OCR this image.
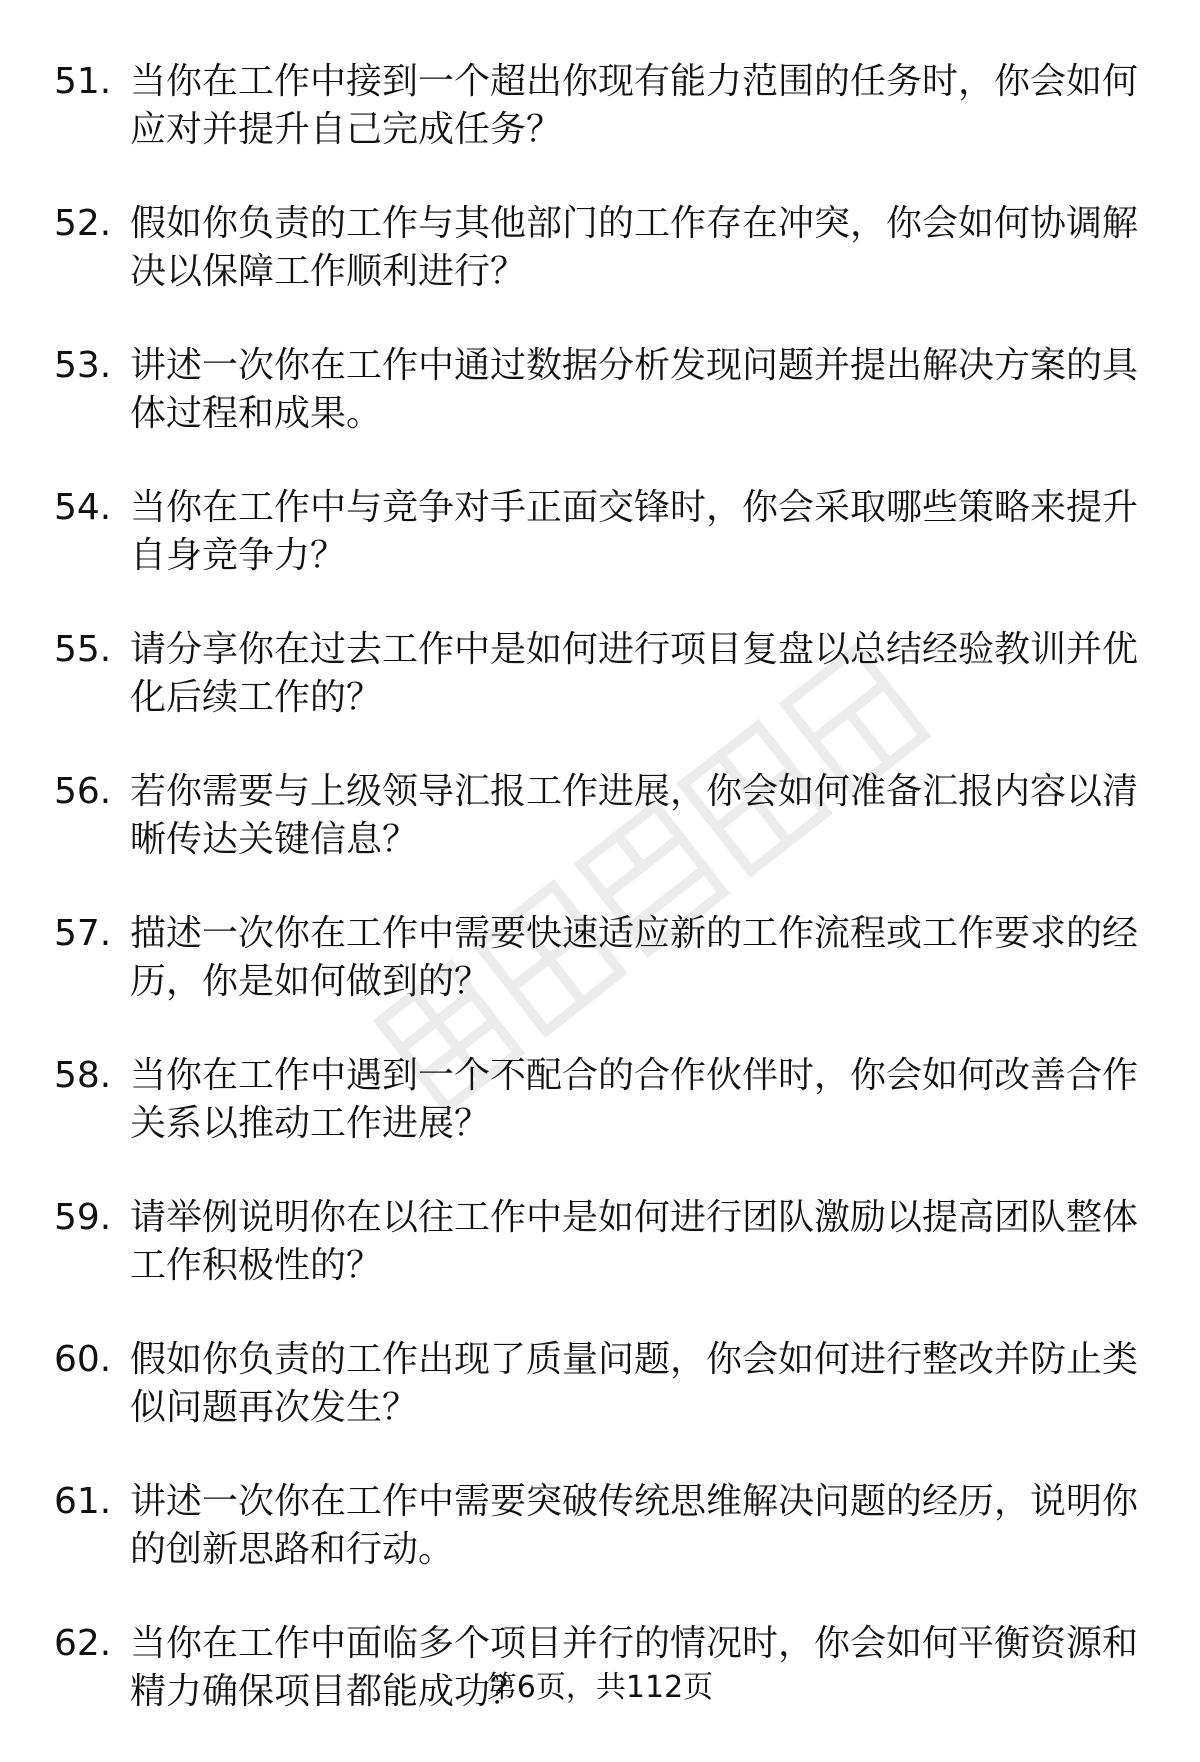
51. 当你在工作中接到一个超出你现有能力范围的任务时，你会如何应对并提升自己完成任务？
52. 假如你负责的工作与其他部门的工作存在冲突，你会如何协调解决以保障工作顺利进行？
53. 讲述一次你在工作中通过数据分析发现问题并提出解决方案的具体过程和成果。
54. 当你在工作中与竞争对手正面交锋时，你会采取哪些策略来提升自身竞争力？
55. 请分享你在过去工作中是如何进行项目复盘以总结经验教训并优化后续工作的？
56. 若你需要与上级领导汇报工作进展，你会如何准备汇报内容以清晰传达关键信息？
57. 描述一次你在工作中需要快速适应新的工作流程或工作要求的经历，你是如何做到的？
58. 当你在工作中遇到一个不配合的合作伙伴时，你会如何改善合作关系以推动工作进展？
59. 请举例说明你在以往工作中是如何进行团队激励以提高团队整体工作积极性的？
60. 假如你负责的工作出现了质量问题，你会如何进行整改并防止类似问题再次发生？
61. 讲述一次你在工作中需要突破传统思维解决问题的经历，说明你的创新思路和行动。
62. 当你在工作中面临多个项目并行的情况时，你会如何平衡资源和精力确保项目都能成功？
第6页，共112页
